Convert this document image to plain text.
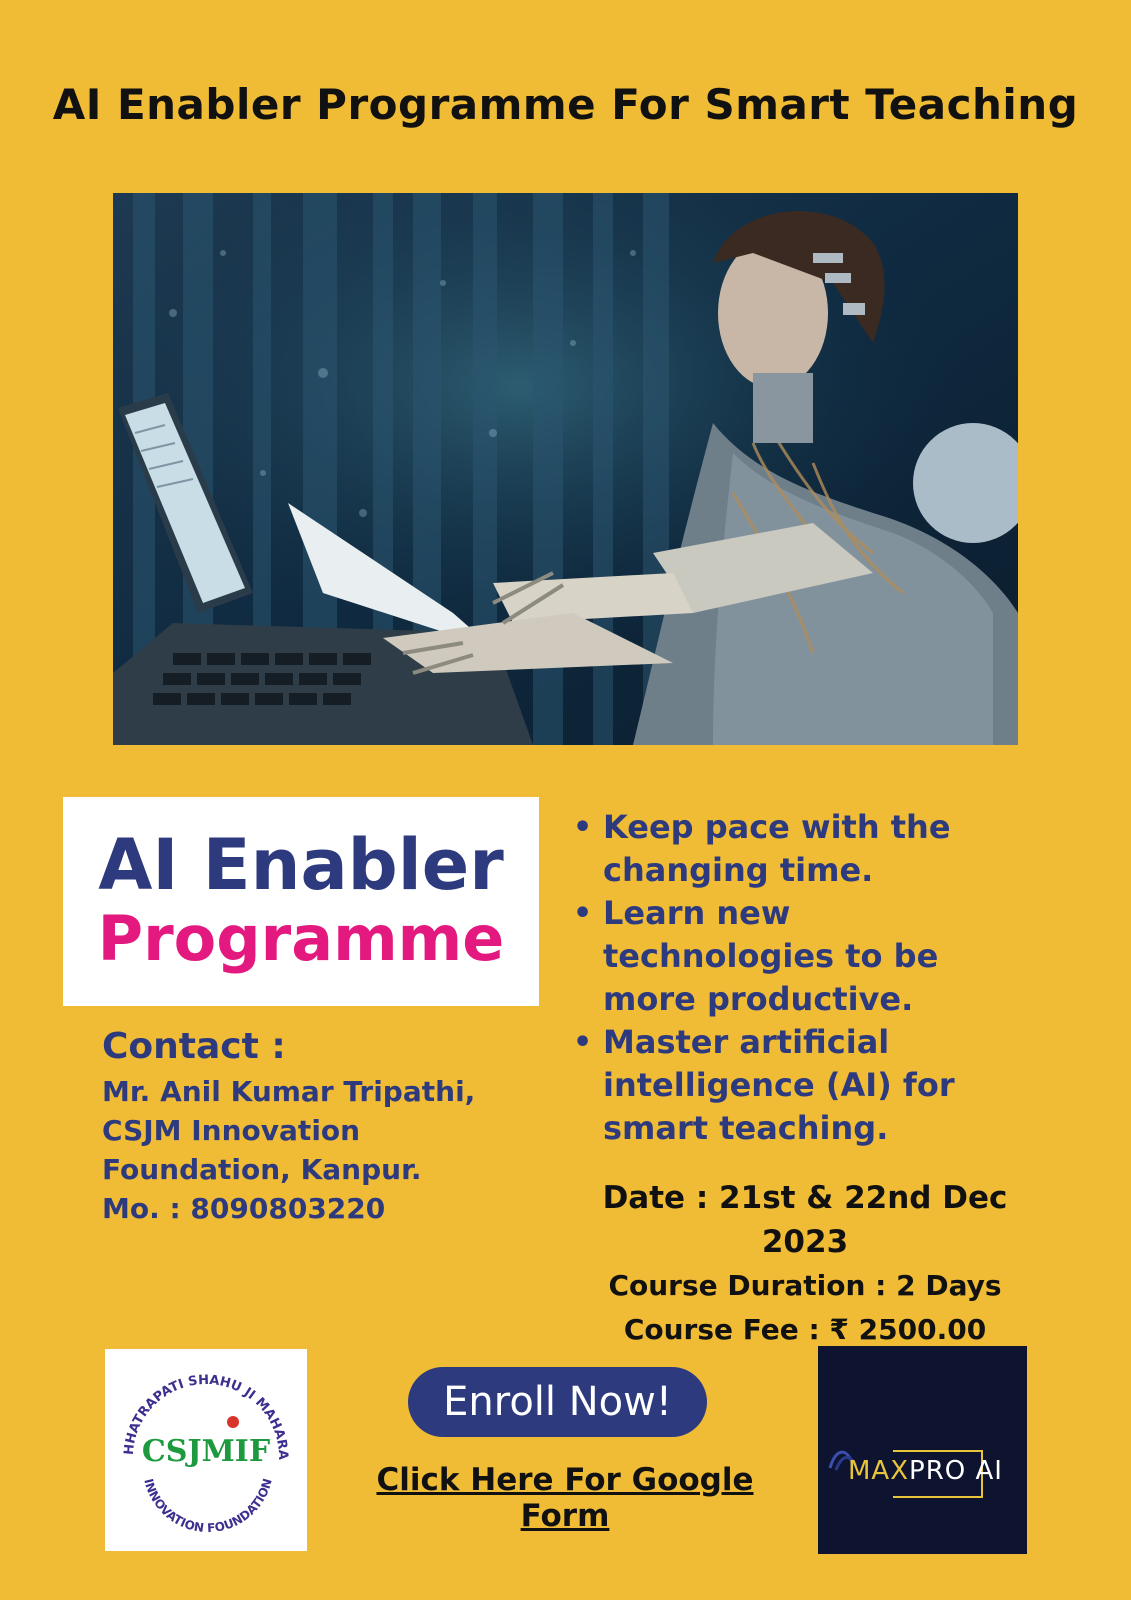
AI Enabler Programme For Smart Teaching
AI Enabler
Programme
• Keep pace with the
changing time.
• Learn new
technologies to be
more productive.
• Master artificial
intelligence (AI) for
smart teaching.
Contact :
Mr. Anil Kumar Tripathi,
CSJM Innovation
Foundation, Kanpur.
Mo. : 8090803220	Date : 21st & 22nd Dec 2023
Course Duration : 2 Days
Course Fee : ₹ 2500.00
HHATRAPATI SHAHU JI MAHARA
INNOVATION FOUNDATION
CSJMIF
Enroll Now!
Click Here For Google Form
MAXPRO AI
